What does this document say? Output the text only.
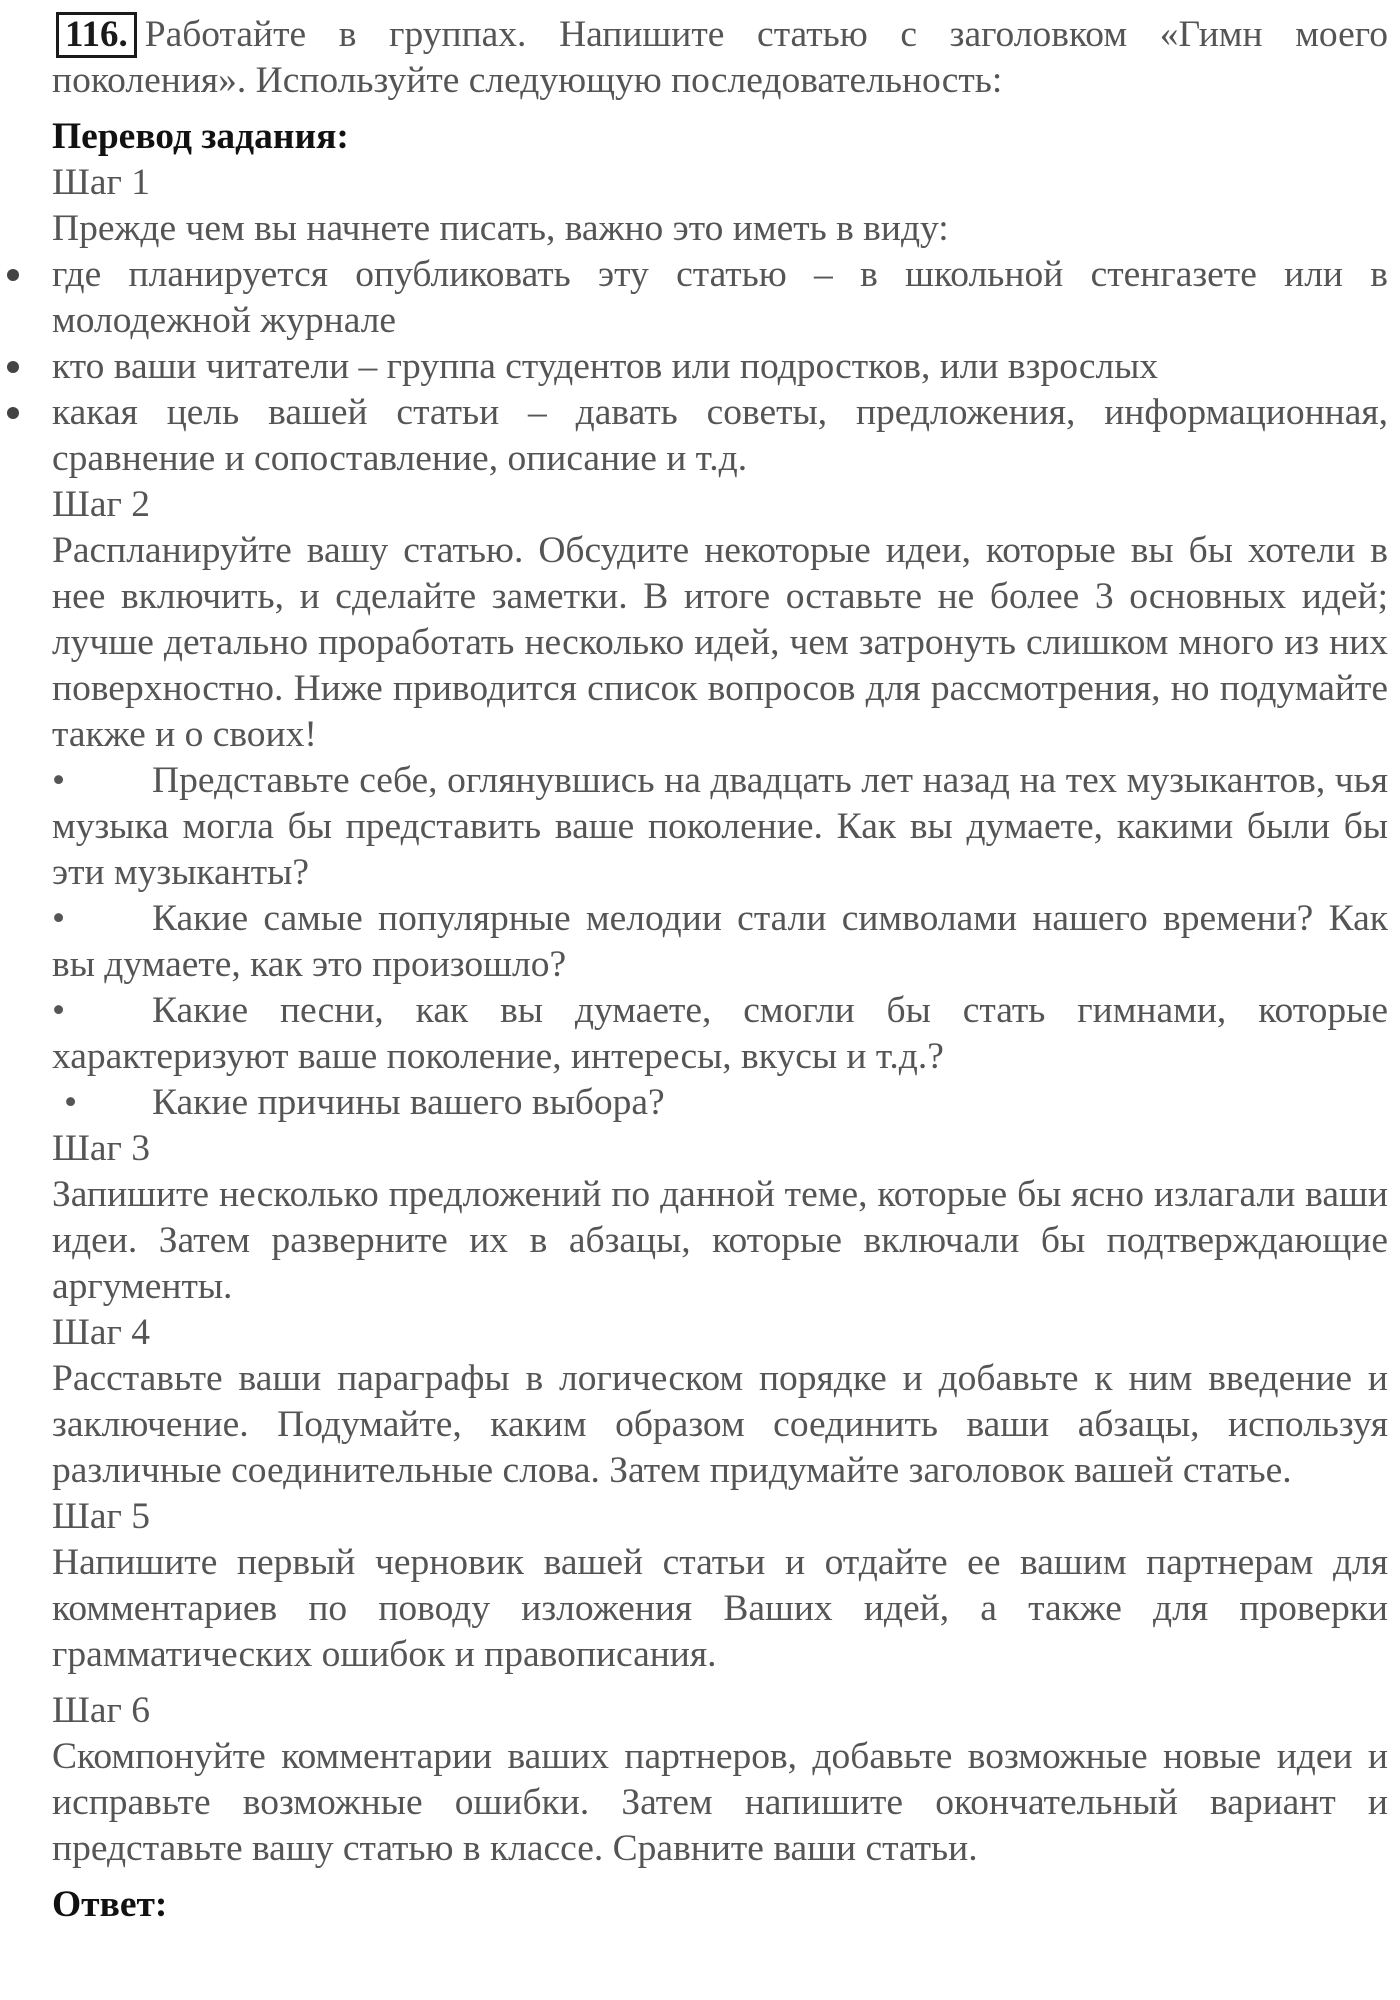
116. Работайте в группах. Напишите статью с заголовком «Гимн моего поколения». Используйте следующую последовательность:

Перевод задания:

Шаг 1

Прежде чем вы начнете писать, важно это иметь в виду:

где планируется опубликовать эту статью – в школьной стенгазете или в молодежной журнале
кто ваши читатели – группа студентов или подростков, или взрослых
какая цель вашей статьи – давать советы, предложения, информационная, сравнение и сопоставление, описание и т.д.

Шаг 2

Распланируйте вашу статью. Обсудите некоторые идеи, которые вы бы хотели в нее включить, и сделайте заметки. В итоге оставьте не более 3 основных идей; лучше детально проработать несколько идей, чем затронуть слишком много из них поверхностно. Ниже приводится список вопросов для рассмотрения, но подумайте также и о своих!

• Представьте себе, оглянувшись на двадцать лет назад на тех музыкантов, чья музыка могла бы представить ваше поколение. Как вы думаете, какими были бы эти музыканты?

• Какие самые популярные мелодии стали символами нашего времени? Как вы думаете, как это произошло?

• Какие песни, как вы думаете, смогли бы стать гимнами, которые характеризуют ваше поколение, интересы, вкусы и т.д.?

• Какие причины вашего выбора?

Шаг 3

Запишите несколько предложений по данной теме, которые бы ясно излагали ваши идеи. Затем разверните их в абзацы, которые включали бы подтверждающие аргументы.

Шаг 4

Расставьте ваши параграфы в логическом порядке и добавьте к ним введение и заключение. Подумайте, каким образом соединить ваши абзацы, используя различные соединительные слова. Затем придумайте заголовок вашей статье.

Шаг 5

Напишите первый черновик вашей статьи и отдайте ее вашим партнерам для комментариев по поводу изложения Ваших идей, а также для проверки грамматических ошибок и правописания.

Шаг 6

Скомпонуйте комментарии ваших партнеров, добавьте возможные новые идеи и исправьте возможные ошибки. Затем напишите окончательный вариант и представьте вашу статью в классе. Сравните ваши статьи.

Ответ:
